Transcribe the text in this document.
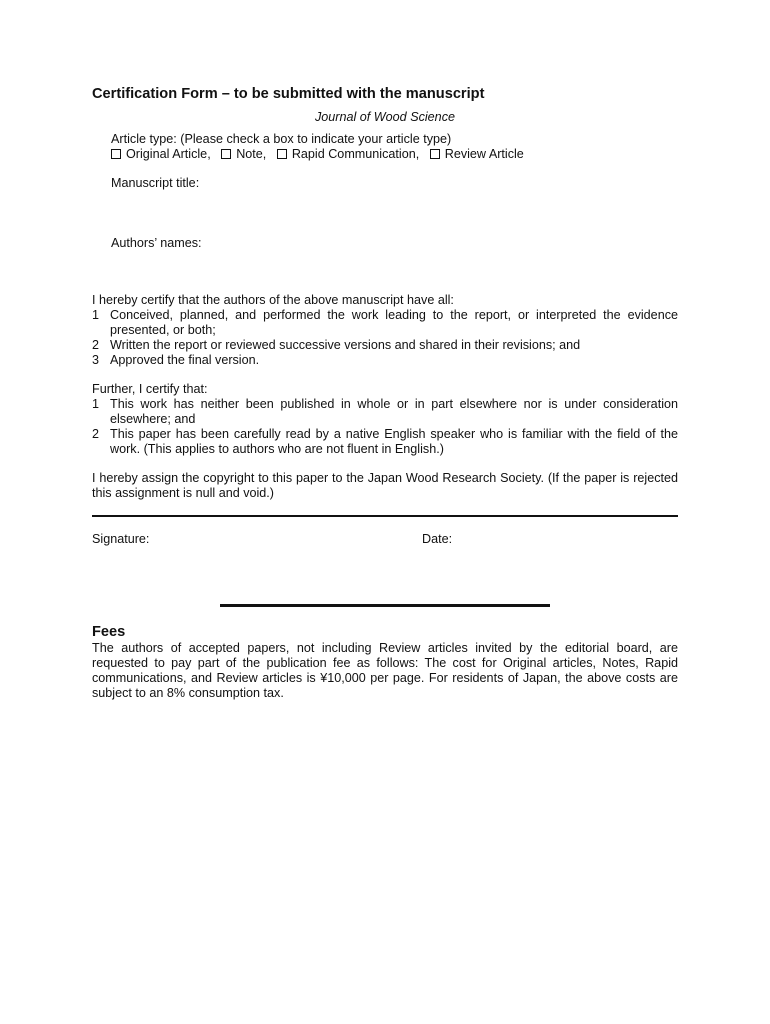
Certification Form – to be submitted with the manuscript
Journal of Wood Science
Article type: (Please check a box to indicate your article type)
Original Article, Note, Rapid Communication, Review Article
Manuscript title:
Authors’ names:
I hereby certify that the authors of the above manuscript have all:
1 Conceived, planned, and performed the work leading to the report, or interpreted the evidence presented, or both;
2 Written the report or reviewed successive versions and shared in their revisions; and
3 Approved the final version.
Further, I certify that:
1 This work has neither been published in whole or in part elsewhere nor is under consideration elsewhere; and
2 This paper has been carefully read by a native English speaker who is familiar with the field of the work. (This applies to authors who are not fluent in English.)
I hereby assign the copyright to this paper to the Japan Wood Research Society. (If the paper is rejected this assignment is null and void.)
Signature:	Date:
Fees
The authors of accepted papers, not including Review articles invited by the editorial board, are requested to pay part of the publication fee as follows: The cost for Original articles, Notes, Rapid communications, and Review articles is ¥10,000 per page. For residents of Japan, the above costs are subject to an 8% consumption tax.
